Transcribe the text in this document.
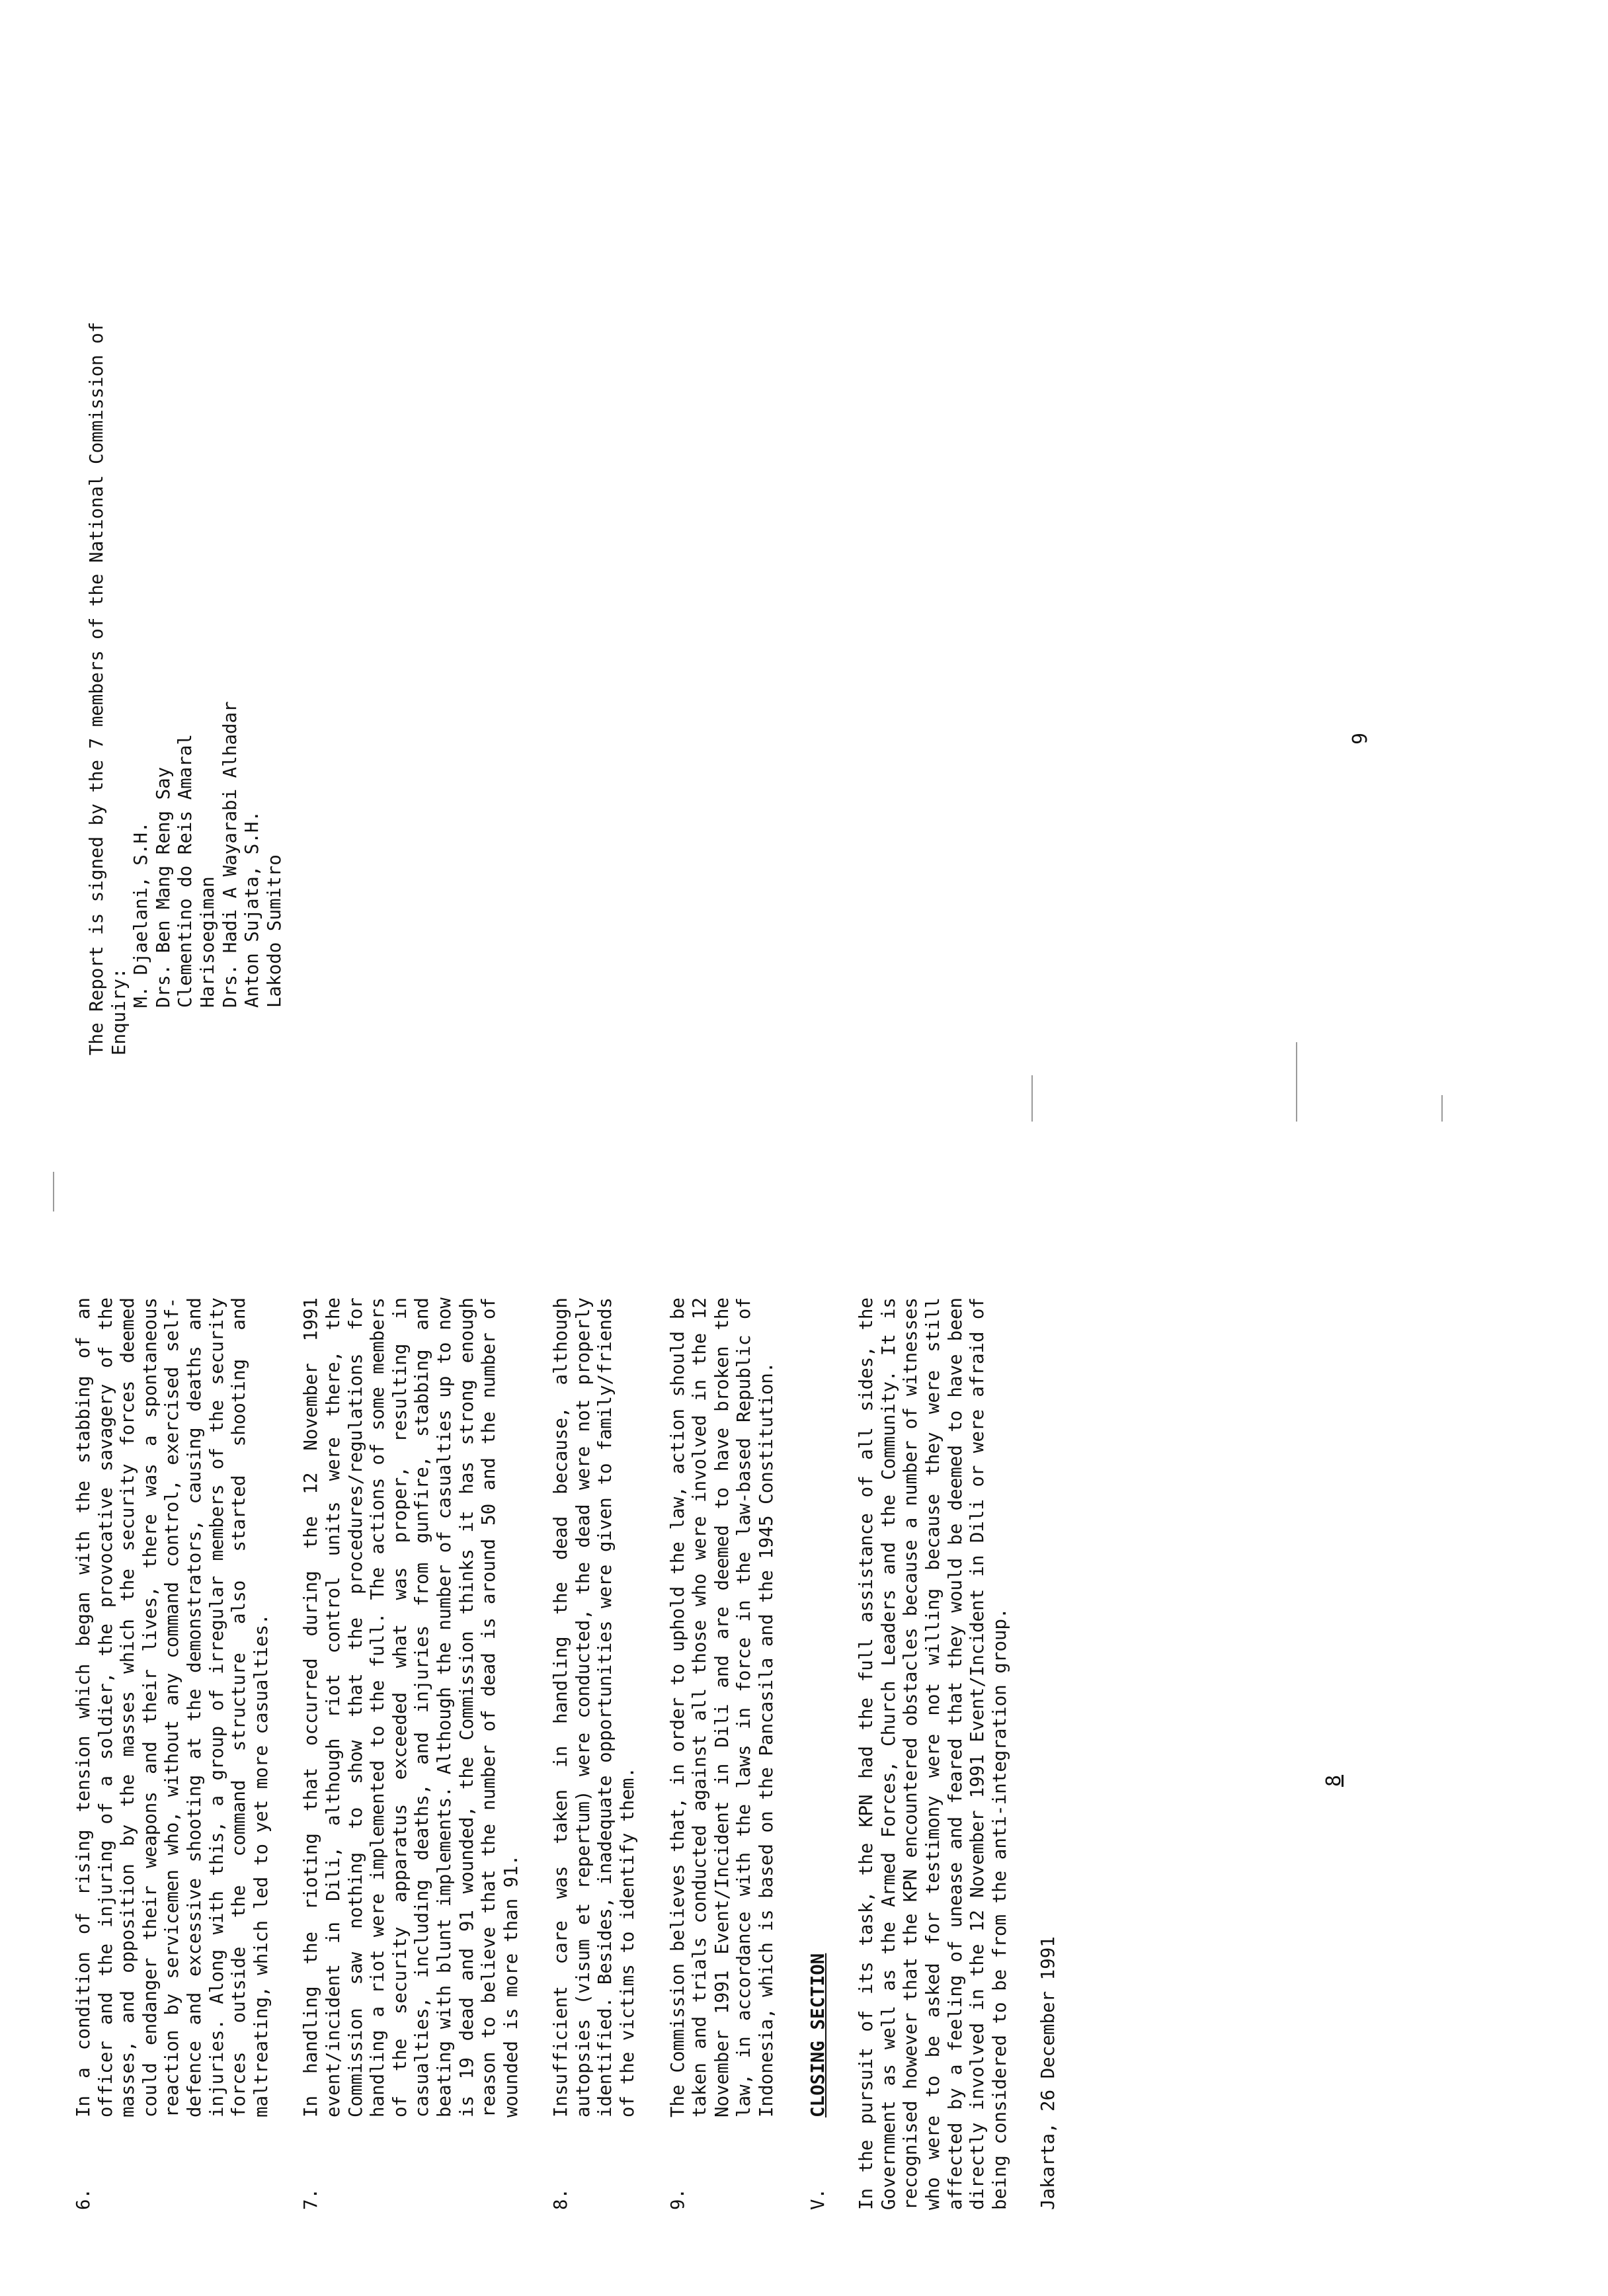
6.
In a condition of rising tension which began with the stabbing of an officer and the injuring of a soldier, the provocative savagery of the masses, and opposition by the masses which the security forces deemed could endanger their weapons and their lives, there was a spontaneous reaction by servicemen who, without any command control, exercised self-defence and excessive shooting at the demonstrators, causing deaths and injuries. Along with this, a group of irregular members of the security forces outside the command structure also started shooting and maltreating, which led to yet more casualties.
7.
In handling the rioting that occurred during the 12 November 1991 event/incident in Dili, although riot control units were there, the Commission saw nothing to show that the procedures/regulations for handling a riot were implemented to the full. The actions of some members of the security apparatus exceeded what was proper, resulting in casualties, including deaths, and injuries from gunfire, stabbing and beating with blunt implements. Although the number of casualties up to now is 19 dead and 91 wounded, the Commission thinks it has strong enough reason to believe that the number of dead is around 50 and the number of wounded is more than 91.
8.
Insufficient care was taken in handling the dead because, although autopsies (visum et repertum) were conducted, the dead were not properly identified. Besides, inadequate opportunities were given to family/friends of the victims to identify them.
9.
The Commission believes that, in order to uphold the law, action should be taken and trials conducted against all those who were involved in the 12 November 1991 Event/Incident in Dili and are deemed to have broken the law, in accordance with the laws in force in the law-based Republic of Indonesia, which is based on the Pancasila and the 1945 Constitution.
V.
CLOSING SECTION In the pursuit of its task, the KPN had the full assistance of all sides, the Government as well as the Armed Forces, Church Leaders and the Community. It is recognised however that the KPN encountered obstacles because a number of witnesses who were to be asked for testimony were not willing because they were still affected by a feeling of unease and feared that they would be deemed to have been directly involved in the 12 November 1991 Event/Incident in Dili or were afraid of being considered to be from the anti-integration group. Jakarta, 26 December 1991
8
The Report is signed by the 7 members of the National Commission of Enquiry:
M. Djaelani, S.H. Drs. Ben Mang Reng Say Clementino do Reis Amaral Harisoegiman Drs. Hadi A Wayarabi Alhadar Anton Sujata, S.H. Lakodo Sumitro
9
